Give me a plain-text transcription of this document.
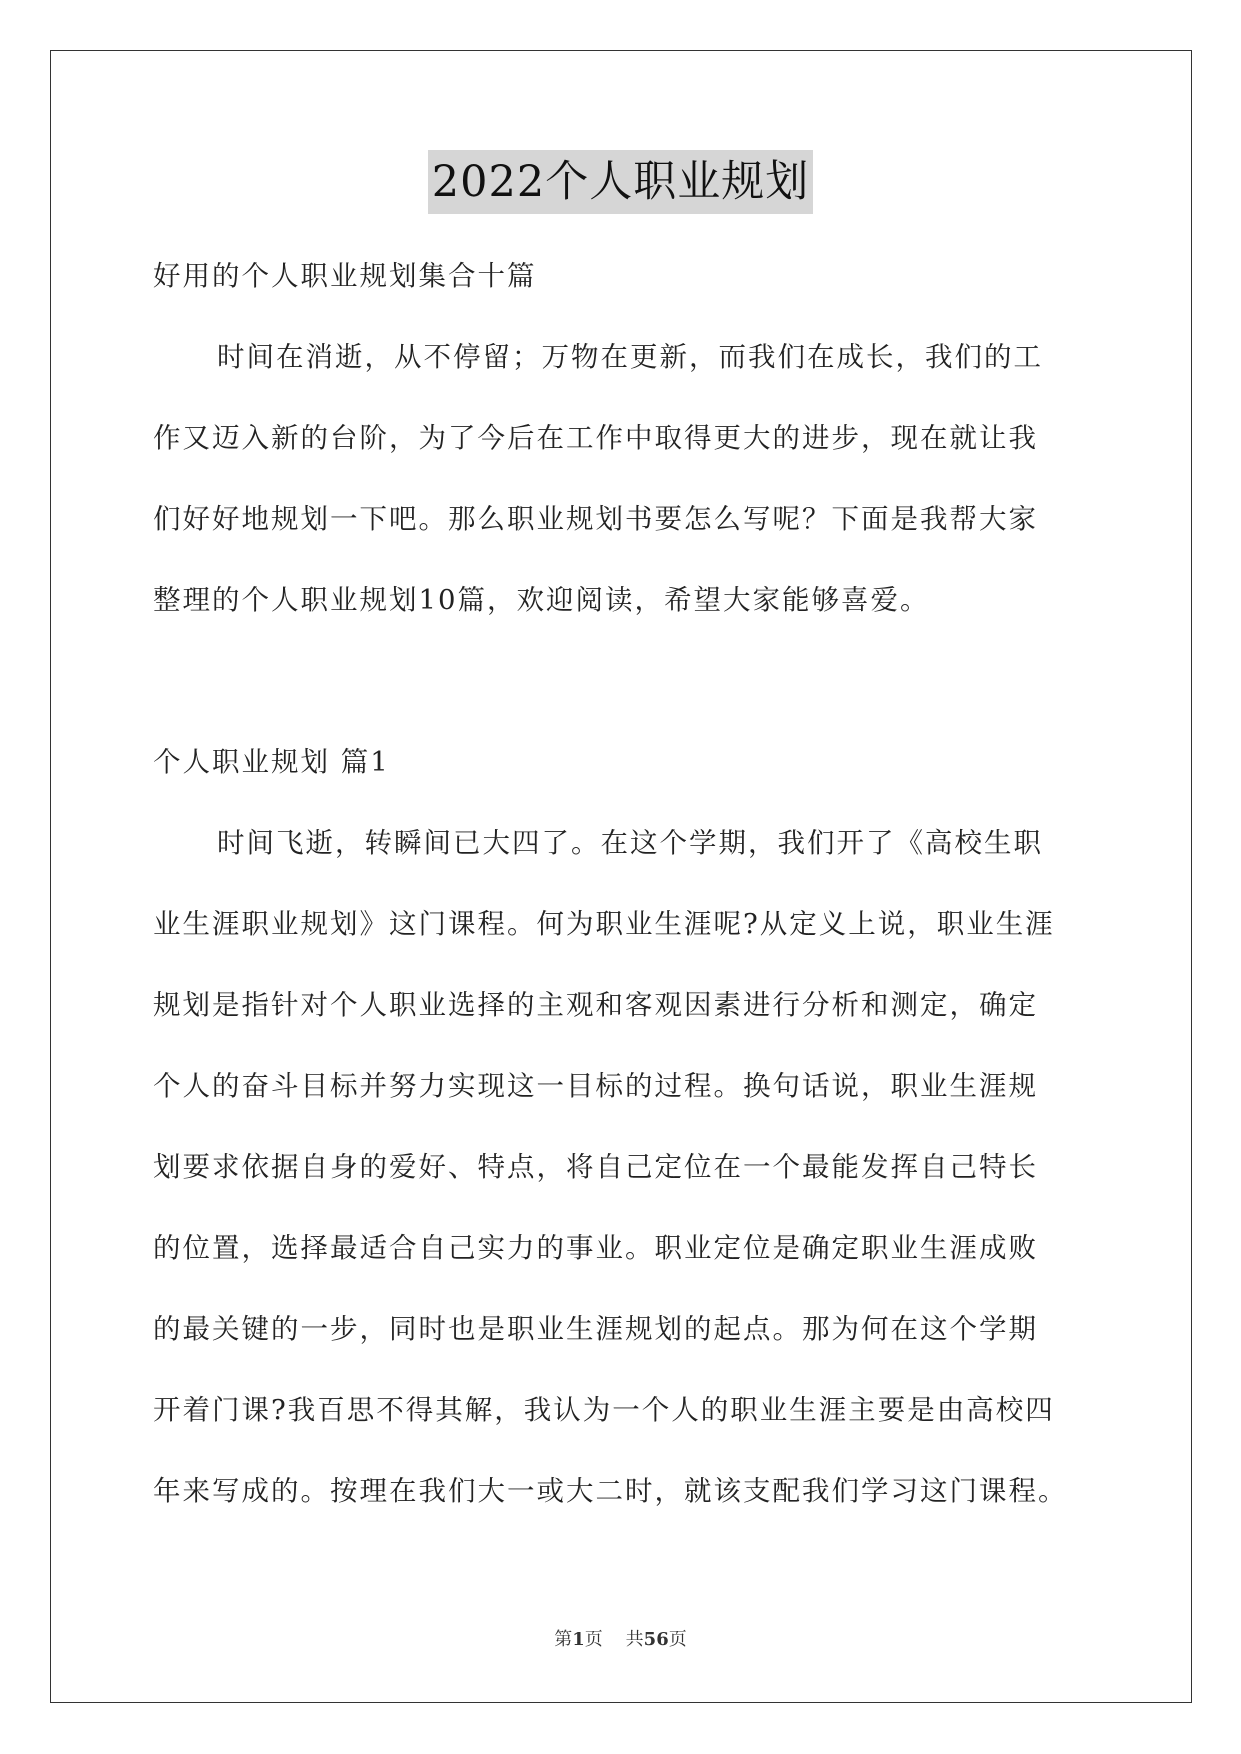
2022个人职业规划
好用的个人职业规划集合十篇
时间在消逝，从不停留；万物在更新，而我们在成长，我们的工
作又迈入新的台阶，为了今后在工作中取得更大的进步，现在就让我
们好好地规划一下吧。那么职业规划书要怎么写呢？下面是我帮大家
整理的个人职业规划10篇，欢迎阅读，希望大家能够喜爱。
个人职业规划 篇1
时间飞逝，转瞬间已大四了。在这个学期，我们开了《高校生职
业生涯职业规划》这门课程。何为职业生涯呢?从定义上说，职业生涯
规划是指针对个人职业选择的主观和客观因素进行分析和测定，确定
个人的奋斗目标并努力实现这一目标的过程。换句话说，职业生涯规
划要求依据自身的爱好、特点，将自己定位在一个最能发挥自己特长
的位置，选择最适合自己实力的事业。职业定位是确定职业生涯成败
的最关键的一步，同时也是职业生涯规划的起点。那为何在这个学期
开着门课?我百思不得其解，我认为一个人的职业生涯主要是由高校四
年来写成的。按理在我们大一或大二时，就该支配我们学习这门课程。
第1页 共56页
